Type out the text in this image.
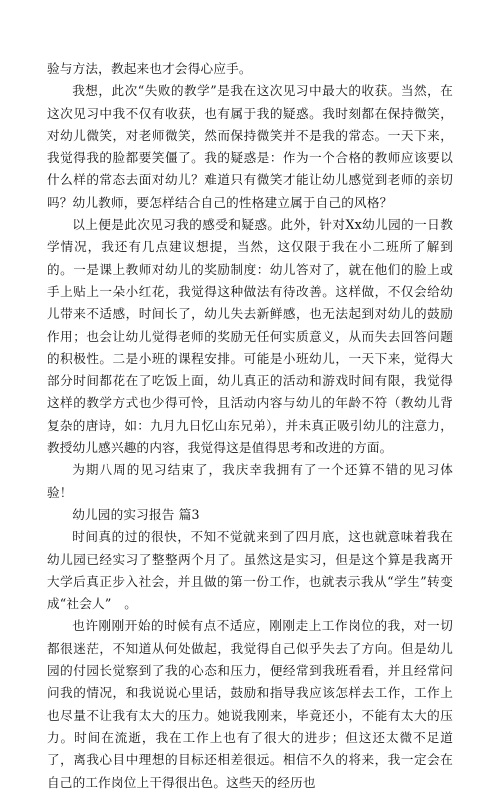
验与方法，教起来也才会得心应手。

我想，此次“失败的教学”是我在这次见习中最大的收获。当然，在这次见习中我不仅有收获，也有属于我的疑惑。我时刻都在保持微笑，对幼儿微笑，对老师微笑，然而保持微笑并不是我的常态。一天下来，我觉得我的脸都要笑僵了。我的疑惑是：作为一个合格的教师应该要以什么样的常态去面对幼儿？难道只有微笑才能让幼儿感觉到老师的亲切吗？幼儿教师，要怎样结合自己的性格建立属于自己的风格？

以上便是此次见习我的感受和疑惑。此外，针对Xx幼儿园的一日教学情况，我还有几点建议想提，当然，这仅限于我在小二班所了解到的。一是课上教师对幼儿的奖励制度：幼儿答对了，就在他们的脸上或手上贴上一朵小红花，我觉得这种做法有待改善。这样做，不仅会给幼儿带来不适感，时间长了，幼儿失去新鲜感，也无法起到对幼儿的鼓励作用；也会让幼儿觉得老师的奖励无任何实质意义，从而失去回答问题的积极性。二是小班的课程安排。可能是小班幼儿，一天下来，觉得大部分时间都花在了吃饭上面，幼儿真正的活动和游戏时间有限，我觉得这样的教学方式也少得可怜，且活动内容与幼儿的年龄不符（教幼儿背复杂的唐诗，如：九月九日忆山东兄弟），并未真正吸引幼儿的注意力，教授幼儿感兴趣的内容，我觉得这是值得思考和改进的方面。

为期八周的见习结束了，我庆幸我拥有了一个还算不错的见习体验！

幼儿园的实习报告 篇3

时间真的过的很快，不知不觉就来到了四月底，这也就意味着我在幼儿园已经实习了整整两个月了。虽然这是实习，但是这个算是我离开大学后真正步入社会，并且做的第一份工作，也就表示我从“学生”转变成“社会人”　。

也许刚刚开始的时候有点不适应，刚刚走上工作岗位的我，对一切都很迷茫，不知道从何处做起，我觉得自己似乎失去了方向。但是幼儿园的付园长觉察到了我的心态和压力，便经常到我班看看，并且经常问问我的情况，和我说说心里话，鼓励和指导我应该怎样去工作，工作上也尽量不让我有太大的压力。她说我刚来，毕竟还小，不能有太大的压力。时间在流逝，我在工作上也有了很大的进步；但这还太微不足道了，离我心目中理想的目标还相差很远。相信不久的将来，我一定会在自己的工作岗位上干得很出色。这些天的经历也
